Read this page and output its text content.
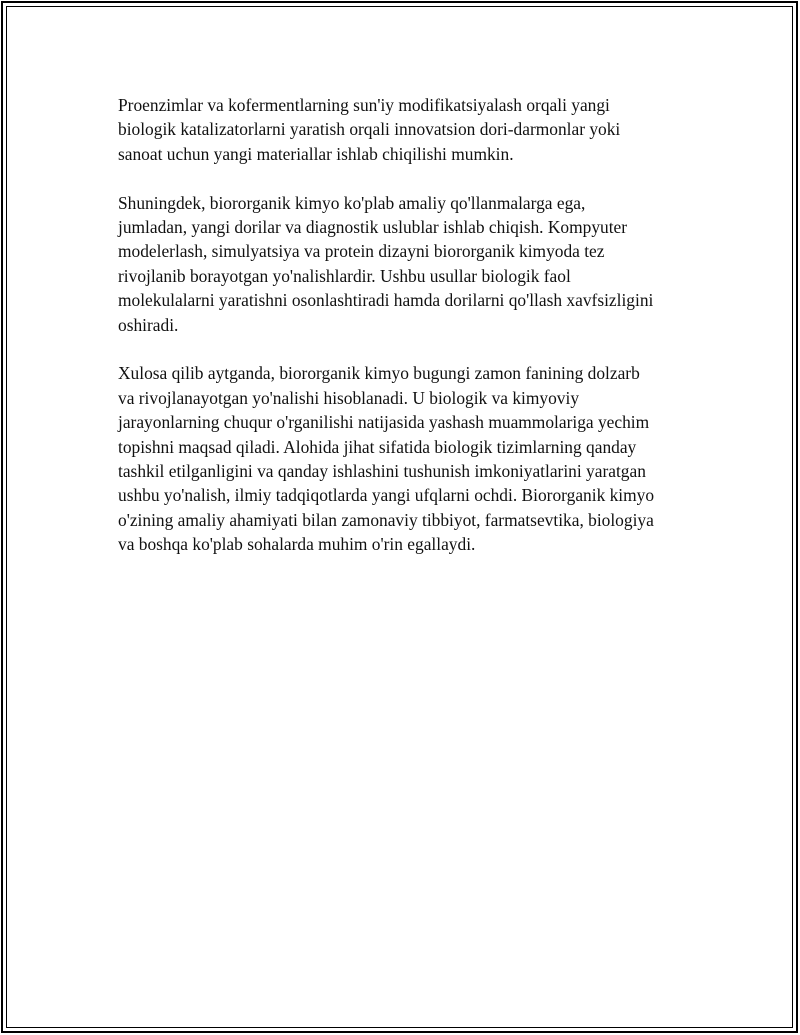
Proenzimlar va kofermentlarning sun'iy modifikatsiyalash orqali yangi
biologik katalizatorlarni yaratish orqali innovatsion dori-darmonlar yoki
sanoat uchun yangi materiallar ishlab chiqilishi mumkin.

Shuningdek, biororganik kimyo ko'plab amaliy qo'llanmalarga ega,
jumladan, yangi dorilar va diagnostik uslublar ishlab chiqish. Kompyuter
modelerlash, simulyatsiya va protein dizayni biororganik kimyoda tez
rivojlanib borayotgan yo'nalishlardir. Ushbu usullar biologik faol
molekulalarni yaratishni osonlashtiradi hamda dorilarni qo'llash xavfsizligini
oshiradi.

Xulosa qilib aytganda, biororganik kimyo bugungi zamon fanining dolzarb
va rivojlanayotgan yo'nalishi hisoblanadi. U biologik va kimyoviy
jarayonlarning chuqur o'rganilishi natijasida yashash muammolariga yechim
topishni maqsad qiladi. Alohida jihat sifatida biologik tizimlarning qanday
tashkil etilganligini va qanday ishlashini tushunish imkoniyatlarini yaratgan
ushbu yo'nalish, ilmiy tadqiqotlarda yangi ufqlarni ochdi. Biororganik kimyo
o'zining amaliy ahamiyati bilan zamonaviy tibbiyot, farmatsevtika, biologiya
va boshqa ko'plab sohalarda muhim o'rin egallaydi.
